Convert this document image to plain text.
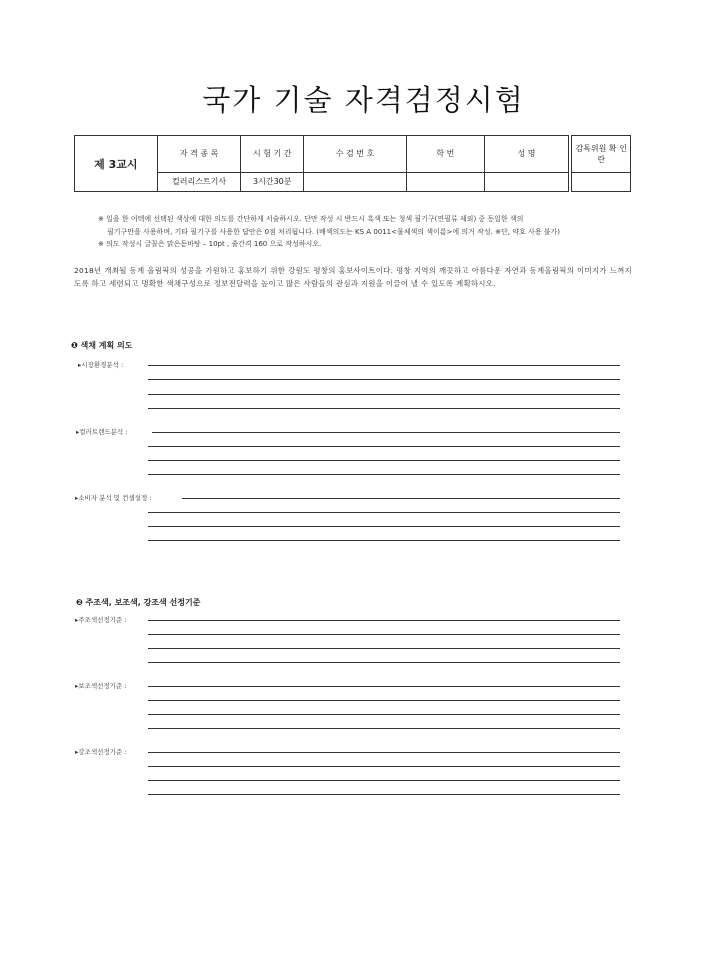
국가 기술 자격검정시험
제 3교시	자 격 종 목	시 험 기 간	수 검 번 호	학 번	성 명		감독위원 확 인 란
	컬러리스트기사	3시간30분					
※ 일을 한 어텍에 선택된 색상에 대한 의도를 간단하게 서술하시오. 단만 작성 시 반드시 흑색 또는 청색 필기구(연필류 제외) 중 동일한 색의
필기구만을 사용하며, 기타 필기구를 사용한 답안은 0점 처리됩니다. (배색의도는 KS A 0011<물체색의 색이름>에 의거 작성. ※단, 약호 사용 불가)
※ 의도 작성시 글꼴은 맑은돋바탕 – 10pt , 줄간격 160 으로 작성하시오.
2018년 개최될 동계 올림픽의 성공을 기원하고 홍보하기 위한 강원도 평창의 홍보사이트이다. 평창 지역의 깨끗하고 아름다운 자연과 동계올림픽의 이미지가 느껴지도록 하고 세련되고 명확한 색채구성으로 정보전달력을 높이고 많은 사람들의 관심과 지원을 이끌어 낼 수 있도록 계획하시오.
❶ 색채 계획 의도
▸시장환경분석 :
▸컬러트렌드분석 :
▸소비자 분석 및 컨셉설정 :
❷ 주조색, 보조색, 강조색 선정기준
▸주조색선정기준 :
▸보조색선정기준 :
▸강조색선정기준 :
